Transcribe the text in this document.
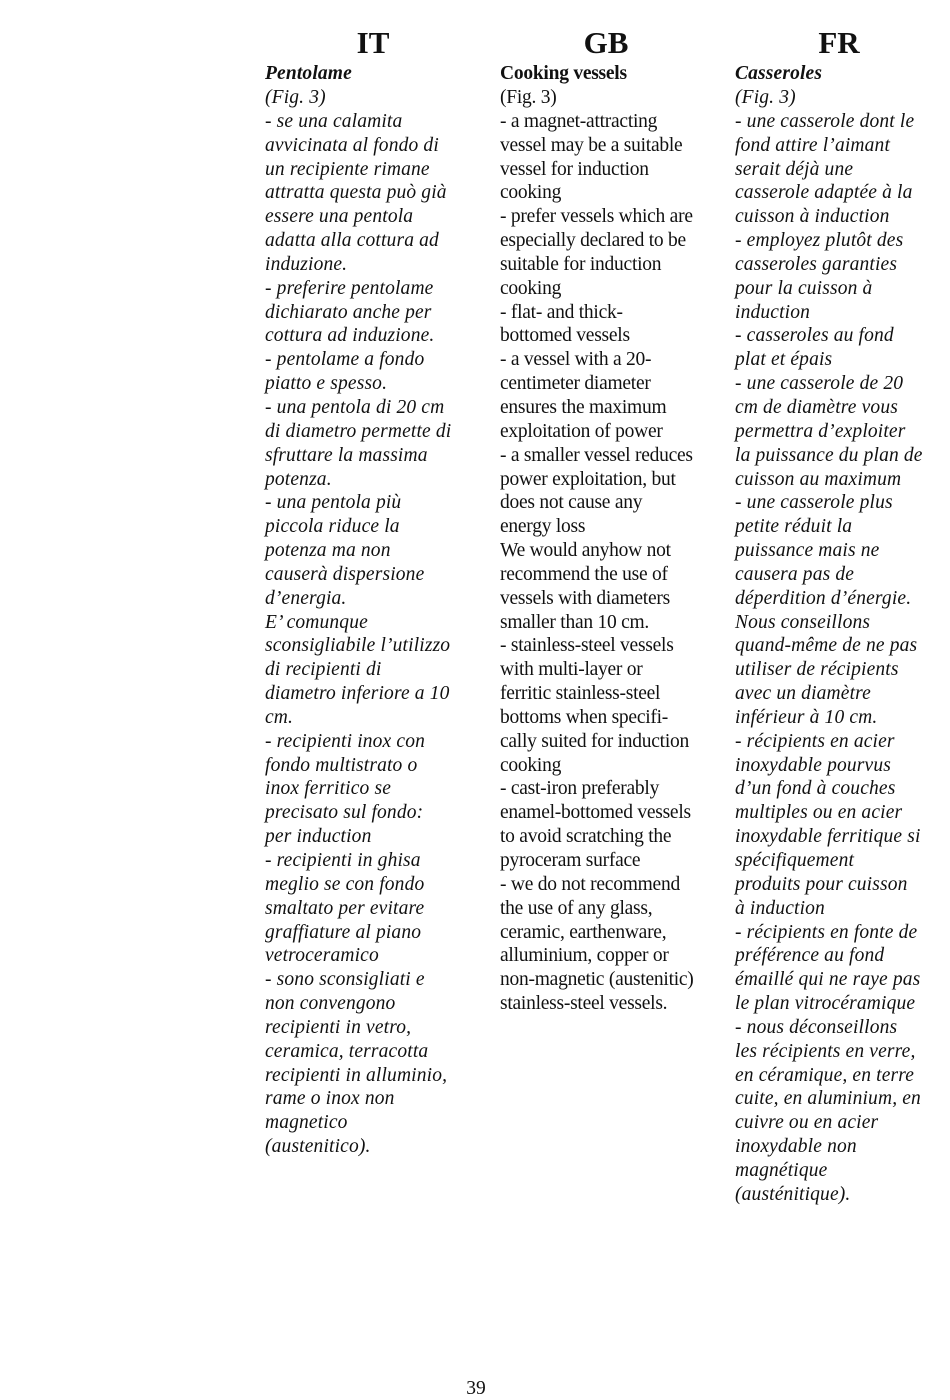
IT
Pentolame
(Fig. 3)
- se una calamita
avvicinata al fondo di
un recipiente rimane
attratta questa può già
essere una pentola
adatta alla cottura ad
induzione.
- preferire pentolame
dichiarato anche per
cottura ad induzione.
- pentolame a fondo
piatto e spesso.
- una pentola di 20 cm
di diametro permette di
sfruttare la massima
potenza.
- una pentola più
piccola riduce la
potenza ma non
causerà dispersione
d’energia.
E’ comunque
sconsigliabile l’utilizzo
di recipienti di
diametro inferiore a 10
cm.
- recipienti inox con
fondo multistrato o
inox ferritico se
precisato sul fondo:
per induction
- recipienti in ghisa
meglio se con fondo
smaltato per evitare
graffiature al piano
vetroceramico
- sono sconsigliati e
non convengono
recipienti in vetro,
ceramica, terracotta
recipienti in alluminio,
rame o inox non
magnetico
(austenitico).
GB
Cooking vessels
(Fig. 3)
- a magnet-attracting
vessel may be a suitable
vessel for induction
cooking
- prefer vessels which are
especially declared to be
suitable for induction
cooking
- flat- and thick-
bottomed vessels
- a vessel with a 20-
centimeter diameter
ensures the maximum
exploitation of power
- a smaller vessel reduces
power exploitation, but
does not cause any
energy loss
We would anyhow not
recommend the use of
vessels with diameters
smaller than 10 cm.
- stainless-steel vessels
with multi-layer or
ferritic stainless-steel
bottoms when specifi-
cally suited for induction
cooking
- cast-iron preferably
enamel-bottomed vessels
to avoid scratching the
pyroceram surface
- we do not recommend
the use of any glass,
ceramic, earthenware,
alluminium, copper or
non-magnetic (austenitic)
stainless-steel vessels.
FR
Casseroles
(Fig. 3)
- une casserole dont le
fond attire l’aimant
serait déjà une
casserole adaptée à la
cuisson à induction
- employez plutôt des
casseroles garanties
pour la cuisson à
induction
- casseroles au fond
plat et épais
- une casserole de 20
cm de diamètre vous
permettra d’exploiter
la puissance du plan de
cuisson au maximum
- une casserole plus
petite réduit la
puissance mais ne
causera pas de
déperdition d’énergie.
Nous conseillons
quand-même de ne pas
utiliser de récipients
avec un diamètre
inférieur à 10 cm.
- récipients en acier
inoxydable pourvus
d’un fond à couches
multiples ou en acier
inoxydable ferritique si
spécifiquement
produits pour cuisson
à induction
- récipients en fonte de
préférence au fond
émaillé qui ne raye pas
le plan vitrocéramique
- nous déconseillons
les récipients en verre,
en céramique, en terre
cuite, en aluminium, en
cuivre ou en acier
inoxydable non
magnétique
(austénitique).
39
